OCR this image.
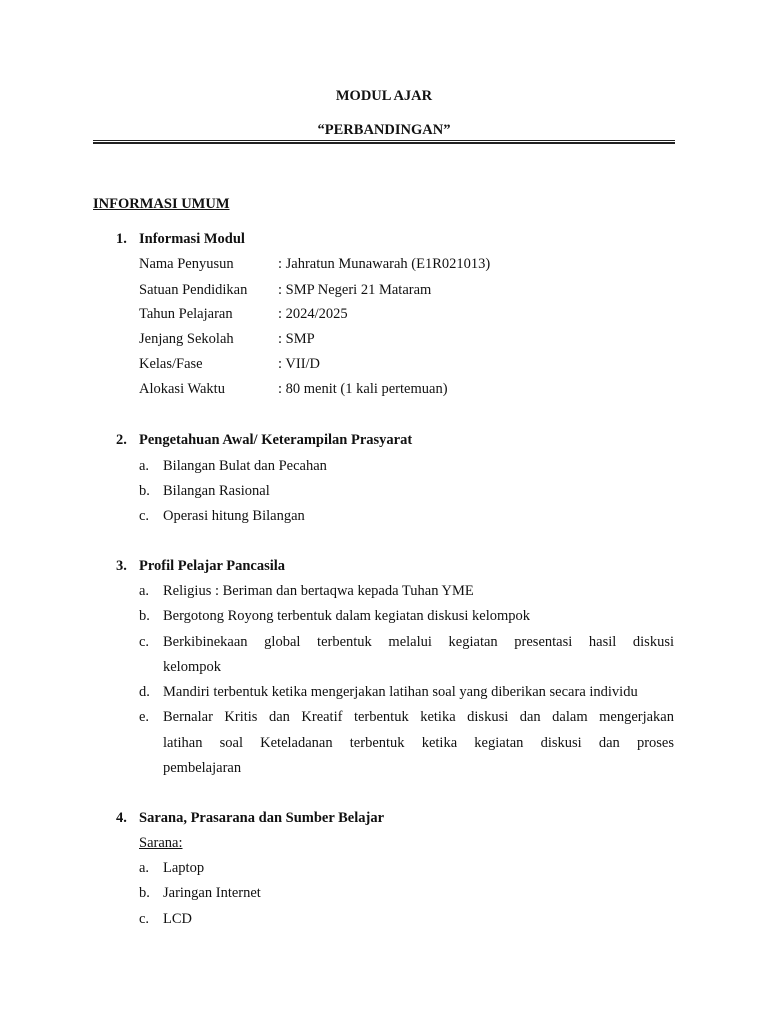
MODUL AJAR
“PERBANDINGAN”
INFORMASI UMUM
1. Informasi Modul
Nama Penyusun	: Jahratun Munawarah (E1R021013)
Satuan Pendidikan : SMP Negeri 21 Mataram
Tahun Pelajaran	: 2024/2025
Jenjang Sekolah	: SMP
Kelas/Fase	: VII/D
Alokasi Waktu	: 80 menit (1 kali pertemuan)
2. Pengetahuan Awal/ Keterampilan Prasyarat
a. Bilangan Bulat dan Pecahan
b. Bilangan Rasional
c. Operasi hitung Bilangan
3. Profil Pelajar Pancasila
a. Religius : Beriman dan bertaqwa kepada Tuhan YME
b. Bergotong Royong terbentuk dalam kegiatan diskusi kelompok
c. Berkibinekaan global terbentuk melalui kegiatan presentasi hasil diskusi
kelompok
d. Mandiri terbentuk ketika mengerjakan latihan soal yang diberikan secara individu
e. Bernalar Kritis dan Kreatif terbentuk ketika diskusi dan dalam mengerjakan
latihan soal Keteladanan terbentuk ketika kegiatan diskusi dan proses
pembelajaran
4. Sarana, Prasarana dan Sumber Belajar
Sarana:
a. Laptop
b. Jaringan Internet
c. LCD
